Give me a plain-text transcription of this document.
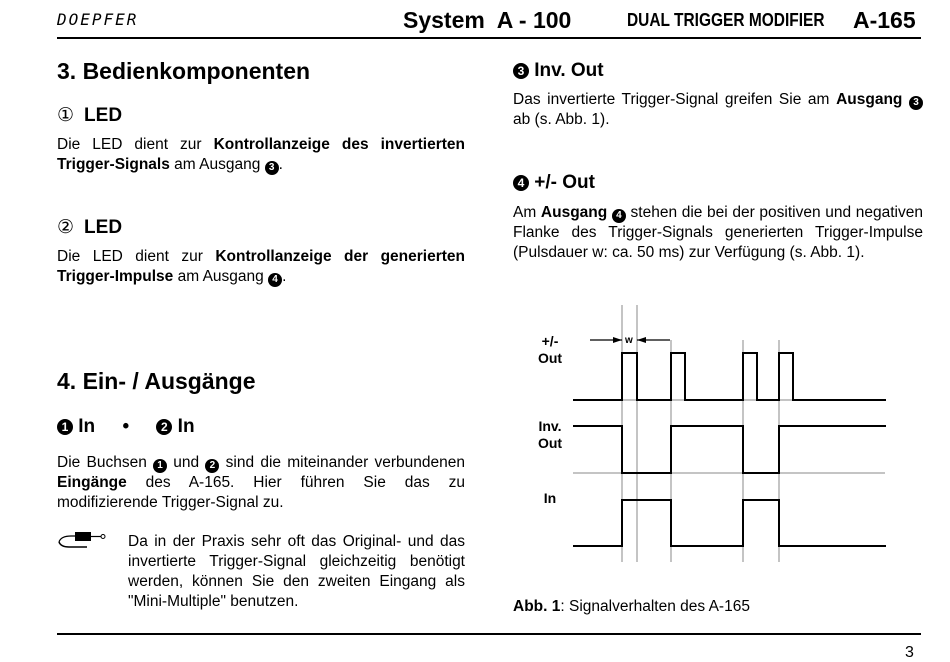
DOEPFER	System  A - 100	DUAL TRIGGER MODIFIER A-165
3. Bedienkomponenten
① LED

Die LED dient zur Kontrollanzeige des invertierten Trigger-Signals am Ausgang 3 .

② LED

Die LED dient zur Kontrollanzeige der generierten Trigger-Impulse am Ausgang 4 .

4. Ein- / Ausgänge
1 In •	2 In

Die Buchsen 1 und 2 sind die miteinander verbundenen Eingänge des A-165. Hier führen Sie das zu modifizierende Trigger-Signal zu.

Da in der Praxis sehr oft das Original- und das invertierte Trigger-Signal gleichzeitig benötigt werden, können Sie den zweiten Eingang als "Mini-Multiple" benutzen.

3 Inv. Out

Das invertierte Trigger-Signal greifen Sie am Ausgang 3 ab (s. Abb. 1).

4 +/- Out

Am Ausgang 4 stehen die bei der positiven und negativen Flanke des Trigger-Signals generierten Trigger-Impulse (Pulsdauer w: ca. 50 ms) zur Verfügung (s. Abb. 1).

+/-
Out
Inv.
Out
In
w
Abb. 1: Signalverhalten des A-165
3
